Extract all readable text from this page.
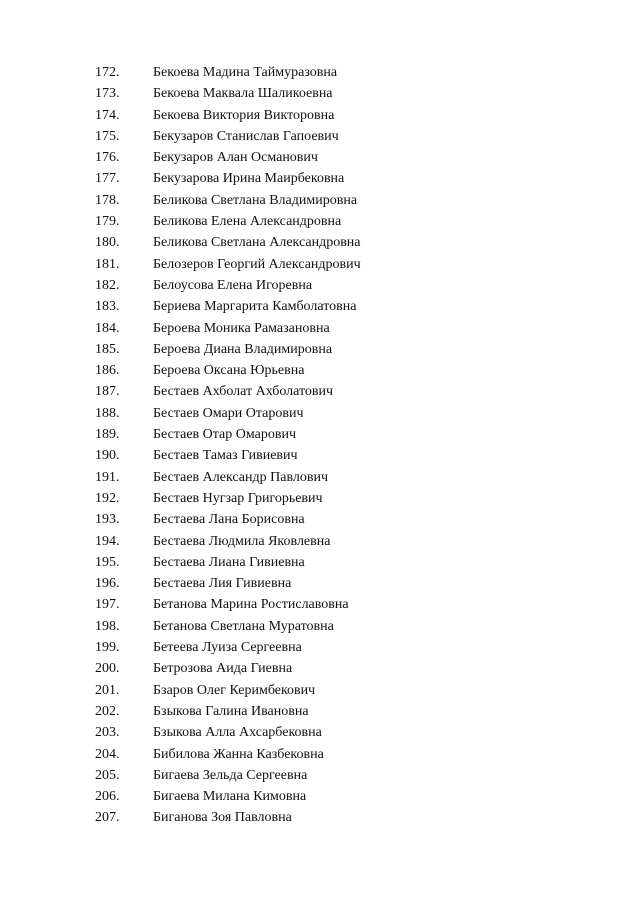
172. Бекоева Мадина Таймуразовна
173. Бекоева Маквала Шаликоевна
174. Бекоева Виктория Викторовна
175. Бекузаров Станислав Гапоевич
176. Бекузаров Алан Османович
177. Бекузарова Ирина Маирбековна
178. Беликова Светлана Владимировна
179. Беликова Елена Александровна
180. Беликова Светлана Александровна
181. Белозеров Георгий Александрович
182. Белоусова Елена Игоревна
183. Бериева Маргарита Камболатовна
184. Бероева Моника Рамазановна
185. Бероева Диана Владимировна
186. Бероева Оксана Юрьевна
187. Бестаев Ахболат Ахболатович
188. Бестаев Омари Отарович
189. Бестаев Отар Омарович
190. Бестаев Тамаз Гивиевич
191. Бестаев Александр Павлович
192. Бестаев Нугзар Григорьевич
193. Бестаева Лана Борисовна
194. Бестаева Людмила Яковлевна
195. Бестаева Лиана Гивиевна
196. Бестаева Лия Гивиевна
197. Бетанова Марина Ростиславовна
198. Бетанова Светлана Муратовна
199. Бетеева Луиза Сергеевна
200. Бетрозова Аида Гиевна
201. Бзаров Олег Керимбекович
202. Бзыкова Галина Ивановна
203. Бзыкова Алла Ахсарбековна
204. Бибилова Жанна Казбековна
205. Бигаева Зельда Сергеевна
206. Бигаева Милана Кимовна
207. Биганова Зоя Павловна
